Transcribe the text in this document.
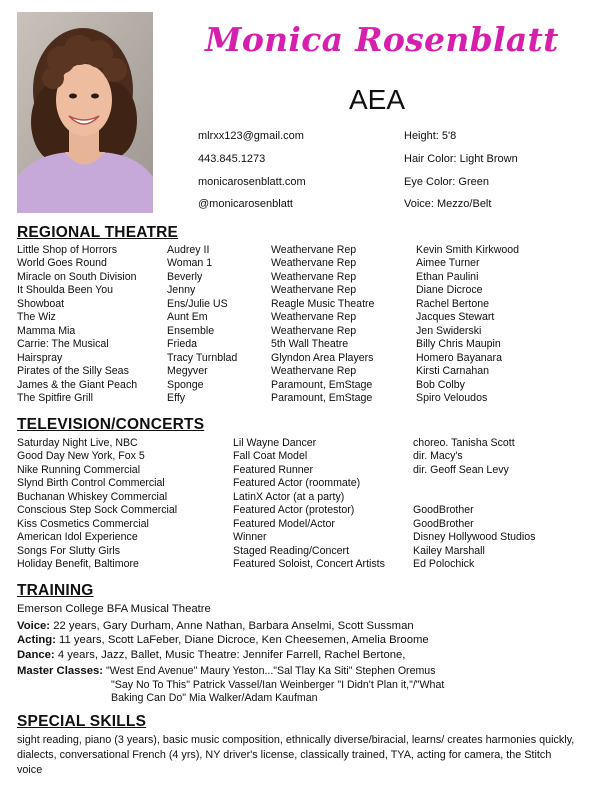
Monica Rosenblatt
AEA
mlrxx123@gmail.com
443.845.1273
monicarosenblatt.com
@monicarosenblatt
Height: 5'8
Hair Color: Light Brown
Eye Color: Green
Voice: Mezzo/Belt
REGIONAL THEATRE
Little Shop of Horrors	Audrey II	Weathervane Rep	Kevin Smith Kirkwood
World Goes Round	Woman 1	Weathervane Rep	Aimee Turner
Miracle on South Division	Beverly	Weathervane Rep	Ethan Paulini
It Shoulda Been You	Jenny	Weathervane Rep	Diane Dicroce
Showboat	Ens/Julie US	Reagle Music Theatre	Rachel Bertone
The Wiz	Aunt Em	Weathervane Rep	Jacques Stewart
Mamma Mia	Ensemble	Weathervane Rep	Jen Swiderski
Carrie: The Musical	Frieda	5th Wall Theatre	Billy Chris Maupin
Hairspray	Tracy Turnblad	Glyndon Area Players	Homero Bayanara
Pirates of the Silly Seas	Megyver	Weathervane Rep	Kirsti Carnahan
James & the Giant Peach	Sponge	Paramount, EmStage	Bob Colby
The Spitfire Grill	Effy	Paramount, EmStage	Spiro Veloudos
TELEVISION/CONCERTS
Saturday Night Live, NBC	Lil Wayne Dancer	choreo. Tanisha Scott
Good Day New York, Fox 5	Fall Coat Model	dir. Macy's
Nike Running Commercial	Featured Runner	dir. Geoff Sean Levy
Slynd Birth Control Commercial	Featured Actor (roommate)
Buchanan Whiskey Commercial	LatinX Actor (at a party)
Conscious Step Sock Commercial	Featured Actor (protestor)	GoodBrother
Kiss Cosmetics Commercial	Featured Model/Actor	GoodBrother
American Idol Experience	Winner	Disney Hollywood Studios
Songs For Slutty Girls	Staged Reading/Concert	Kailey Marshall
Holiday Benefit, Baltimore	Featured Soloist, Concert Artists	Ed Polochick
TRAINING
Emerson College BFA Musical Theatre
Voice: 22 years, Gary Durham, Anne Nathan, Barbara Anselmi, Scott Sussman
Acting: 11 years, Scott LaFeber, Diane Dicroce, Ken Cheesemen, Amelia Broome
Dance: 4 years, Jazz, Ballet, Music Theatre: Jennifer Farrell, Rachel Bertone,
Master Classes: "West End Avenue" Maury Yeston..."Sal Tlay Ka Siti" Stephen Oremus
"Say No To This" Patrick Vassel/Ian Weinberger "I Didn't Plan it,"/"What
Baking Can Do" Mia Walker/Adam Kaufman
SPECIAL SKILLS
sight reading, piano (3 years), basic music composition, ethnically diverse/biracial, learns/ creates harmonies quickly, dialects, conversational French (4 yrs), NY driver's license, classically trained, TYA, acting for camera, the Stitch voice
